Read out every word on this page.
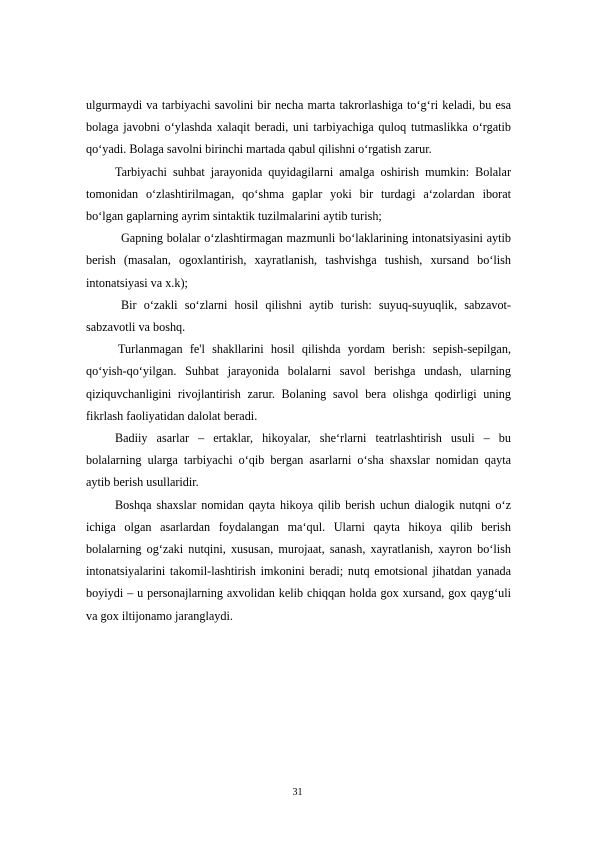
ulgurmaydi va tarbiyachi savolini bir necha marta takrorlashiga to‘g‘ri keladi, bu esa bolaga javobni o‘ylashda xalaqit beradi, uni tarbiyachiga quloq tutmaslikka o‘rgatib qo‘yadi. Bolaga savolni birinchi martada qabul qilishni o‘rgatish zarur.

Tarbiyachi suhbat jarayonida quyidagilarni amalga oshirish mumkin: Bolalar tomonidan o‘zlashtirilmagan, qo‘shma gaplar yoki bir turdagi a‘zolardan iborat bo‘lgan gaplarning ayrim sintaktik tuzilmalarini aytib turish;

Gapning bolalar o‘zlashtirmagan mazmunli bo‘laklarining intonatsiyasini aytib berish (masalan, ogoxlantirish, xayratlanish, tashvishga tushish, xursand bo‘lish intonatsiyasi va x.k);

Bir o‘zakli so‘zlarni hosil qilishni aytib turish: suyuq-suyuqlik, sabzavot-sabzavotli va boshq.

Turlanmagan fe'l shakllarini hosil qilishda yordam berish: sepish-sepilgan, qo‘yish-qo‘yilgan. Suhbat jarayonida bolalarni savol berishga undash, ularning qiziquvchanligini rivojlantirish zarur. Bolaning savol bera olishga qodirligi uning fikrlash faoliyatidan dalolat beradi.

Badiiy asarlar – ertaklar, hikoyalar, she‘rlarni teatrlashtirish usuli – bu bolalarning ularga tarbiyachi o‘qib bergan asarlarni o‘sha shaxslar nomidan qayta aytib berish usullaridir.

Boshqa shaxslar nomidan qayta hikoya qilib berish uchun dialogik nutqni o‘z ichiga olgan asarlardan foydalangan ma‘qul. Ularni qayta hikoya qilib berish bolalarning og‘zaki nutqini, xususan, murojaat, sanash, xayratlanish, xayron bo‘lish intonatsiyalarini takomil-lashtirish imkonini beradi; nutq emotsional jihatdan yanada boyiydi – u personajlarning axvolidan kelib chiqqan holda gox xursand, gox qayg‘uli va gox iltijonamo jaranglaydi.

31
